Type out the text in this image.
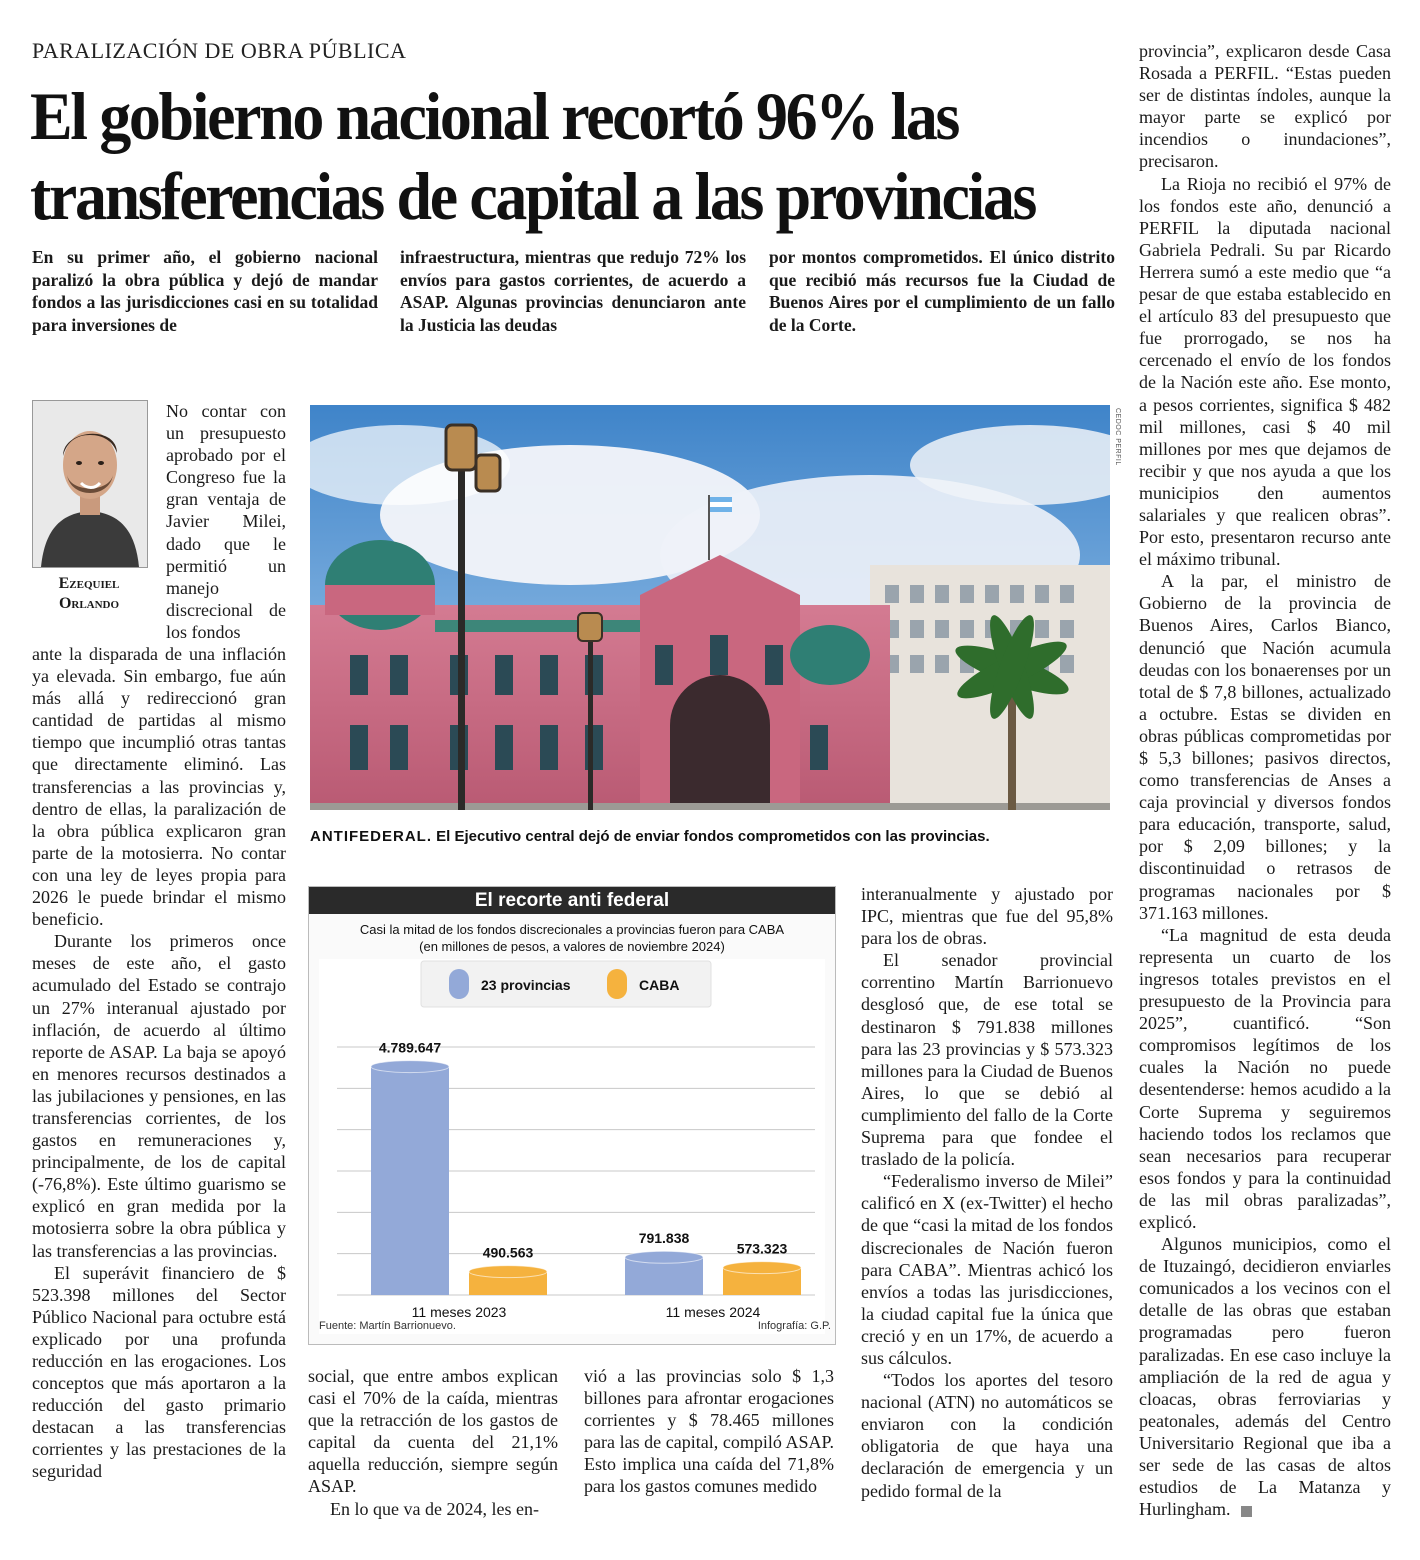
PARALIZACIÓN DE OBRA PÚBLICA
El gobierno nacional recortó 96% las
transferencias de capital a las provincias
En su primer año, el gobierno nacional paralizó la obra pública y dejó de mandar fondos a las jurisdicciones casi en su totalidad para inversiones de
infraestructura, mientras que redujo 72% los envíos para gastos corrientes, de acuerdo a ASAP. Algunas provincias denunciaron ante la Justicia las deudas
por montos comprometidos. El único distrito que recibió más recursos fue la Ciudad de Buenos Aires por el cumplimiento de un fallo de la Corte.
Ezequiel
Orlando
CEDOC PERFIL
ANTIFEDERAL. El Ejecutivo central dejó de enviar fondos comprometidos con las provincias.
El recorte anti federal
Casi la mitad de los fondos discrecionales a provincias fueron para CABA
(en millones de pesos, a valores de noviembre 2024)
23 provincias	CABA
4.789.647
490.563
11 meses 2023
791.838
573.323
11 meses 2024
Fuente: Martín Barrionuevo.	Infografía: G.P.

No contar con un presupuesto aprobado por el Congreso fue la gran ventaja de Javier Milei, dado que le permitió un manejo discrecional de los fondos

ante la disparada de una inflación ya elevada. Sin embargo, fue aún más allá y redireccionó gran cantidad de partidas al mismo tiempo que incumplió otras tantas que directamente eliminó. Las transferencias a las provincias y, dentro de ellas, la paralización de la obra pública explicaron gran parte de la motosierra. No contar con una ley de leyes propia para 2026 le puede brindar el mismo beneficio.

Durante los primeros once meses de este año, el gasto acumulado del Estado se contrajo un 27% interanual ajustado por inflación, de acuerdo al último reporte de ASAP. La baja se apoyó en menores recursos destinados a las jubilaciones y pensiones, en las transferencias corrientes, de los gastos en remuneraciones y, principalmente, de los de capital (-76,8%). Este último guarismo se explicó en gran medida por la motosierra sobre la obra pública y las transferencias a las provincias.

El superávit financiero de $ 523.398 millones del Sector Público Nacional para octubre está explicado por una profunda reducción en las erogaciones. Los conceptos que más aportaron a la reducción del gasto primario destacan a las transferencias corrientes y las prestaciones de la seguridad

social, que entre ambos explican casi el 70% de la caída, mientras que la retracción de los gastos de capital da cuenta del 21,1% aquella reducción, siempre según ASAP.

En lo que va de 2024, les en-

vió a las provincias solo $ 1,3 billones para afrontar erogaciones corrientes y $ 78.465 millones para las de capital, compiló ASAP. Esto implica una caída del 71,8% para los gastos comunes medido

interanualmente y ajustado por IPC, mientras que fue del 95,8% para los de obras.

El senador provincial correntino Martín Barrionuevo desglosó que, de ese total se destinaron $ 791.838 millones para las 23 provincias y $ 573.323 millones para la Ciudad de Buenos Aires, lo que se debió al cumplimiento del fallo de la Corte Suprema para que fondee el traslado de la policía.

“Federalismo inverso de Milei” calificó en X (ex-Twitter) el hecho de que “casi la mitad de los fondos discrecionales de Nación fueron para CABA”. Mientras achicó los envíos a todas las jurisdicciones, la ciudad capital fue la única que creció y en un 17%, de acuerdo a sus cálculos.

“Todos los aportes del tesoro nacional (ATN) no automáticos se enviaron con la condición obligatoria de que haya una declaración de emergencia y un pedido formal de la

provincia”, explicaron desde Casa Rosada a PERFIL. “Estas pueden ser de distintas índoles, aunque la mayor parte se explicó por incendios o inundaciones”, precisaron.

La Rioja no recibió el 97% de los fondos este año, denunció a PERFIL la diputada nacional Gabriela Pedrali. Su par Ricardo Herrera sumó a este medio que “a pesar de que estaba establecido en el artículo 83 del presupuesto que fue prorrogado, se nos ha cercenado el envío de los fondos de la Nación este año. Ese monto, a pesos corrientes, significa $ 482 mil millones, casi $ 40 mil millones por mes que dejamos de recibir y que nos ayuda a que los municipios den aumentos salariales y que realicen obras”. Por esto, presentaron recurso ante el máximo tribunal.

A la par, el ministro de Gobierno de la provincia de Buenos Aires, Carlos Bianco, denunció que Nación acumula deudas con los bonaerenses por un total de $ 7,8 billones, actualizado a octubre. Estas se dividen en obras públicas comprometidas por $ 5,3 billones; pasivos directos, como transferencias de Anses a caja provincial y diversos fondos para educación, transporte, salud, por $ 2,09 billones; y la discontinuidad o retrasos de programas nacionales por $ 371.163 millones.

“La magnitud de esta deuda representa un cuarto de los ingresos totales previstos en el presupuesto de la Provincia para 2025”, cuantificó. “Son compromisos legítimos de los cuales la Nación no puede desentenderse: hemos acudido a la Corte Suprema y seguiremos haciendo todos los reclamos que sean necesarios para recuperar esos fondos y para la continuidad de las mil obras paralizadas”, explicó.

Algunos municipios, como el de Ituzaingó, decidieron enviarles comunicados a los vecinos con el detalle de las obras que estaban programadas pero fueron paralizadas. En ese caso incluye la ampliación de la red de agua y cloacas, obras ferroviarias y peatonales, además del Centro Universitario Regional que iba a ser sede de las casas de altos estudios de La Matanza y Hurlingham.
